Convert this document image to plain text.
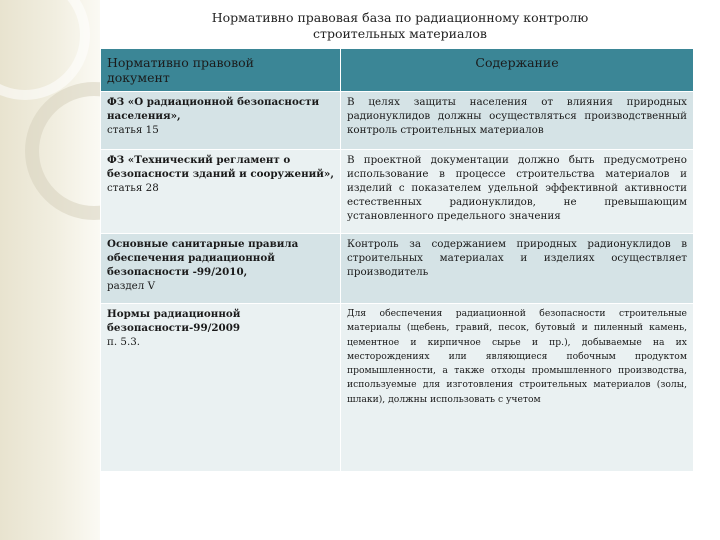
Нормативно правовая база по радиационному контролю
строительных материалов
Нормативно правовой
документ	Содержание
ФЗ «О радиационной безопасности населения»,
статья 15	В целях защиты населения от влияния природных радионуклидов должны осуществляться производственный контроль строительных материалов
ФЗ «Технический регламент о безопасности зданий и сооружений»,
статья 28	В проектной документации должно быть предусмотрено использование в процессе строительства материалов и изделий с показателем удельной эффективной активности естественных радионуклидов, не превышающим установленного предельного значения
Основные санитарные правила обеспечения радиационной безопасности -99/2010,
раздел V	Контроль за содержанием природных радионуклидов в строительных материалах и изделиях осуществляет производитель
Нормы радиационной безопасности-99/2009
п. 5.3.	Для обеспечения радиационной безопасности строительные материалы (щебень, гравий, песок, бутовый и пиленный камень, цементное и кирпичное сырье и пр.), добываемые на их месторождениях или являющиеся побочным продуктом промышленности, а также отходы промышленного производства, используемые для изготовления строительных материалов (золы, шлаки), должны использовать с учетом
